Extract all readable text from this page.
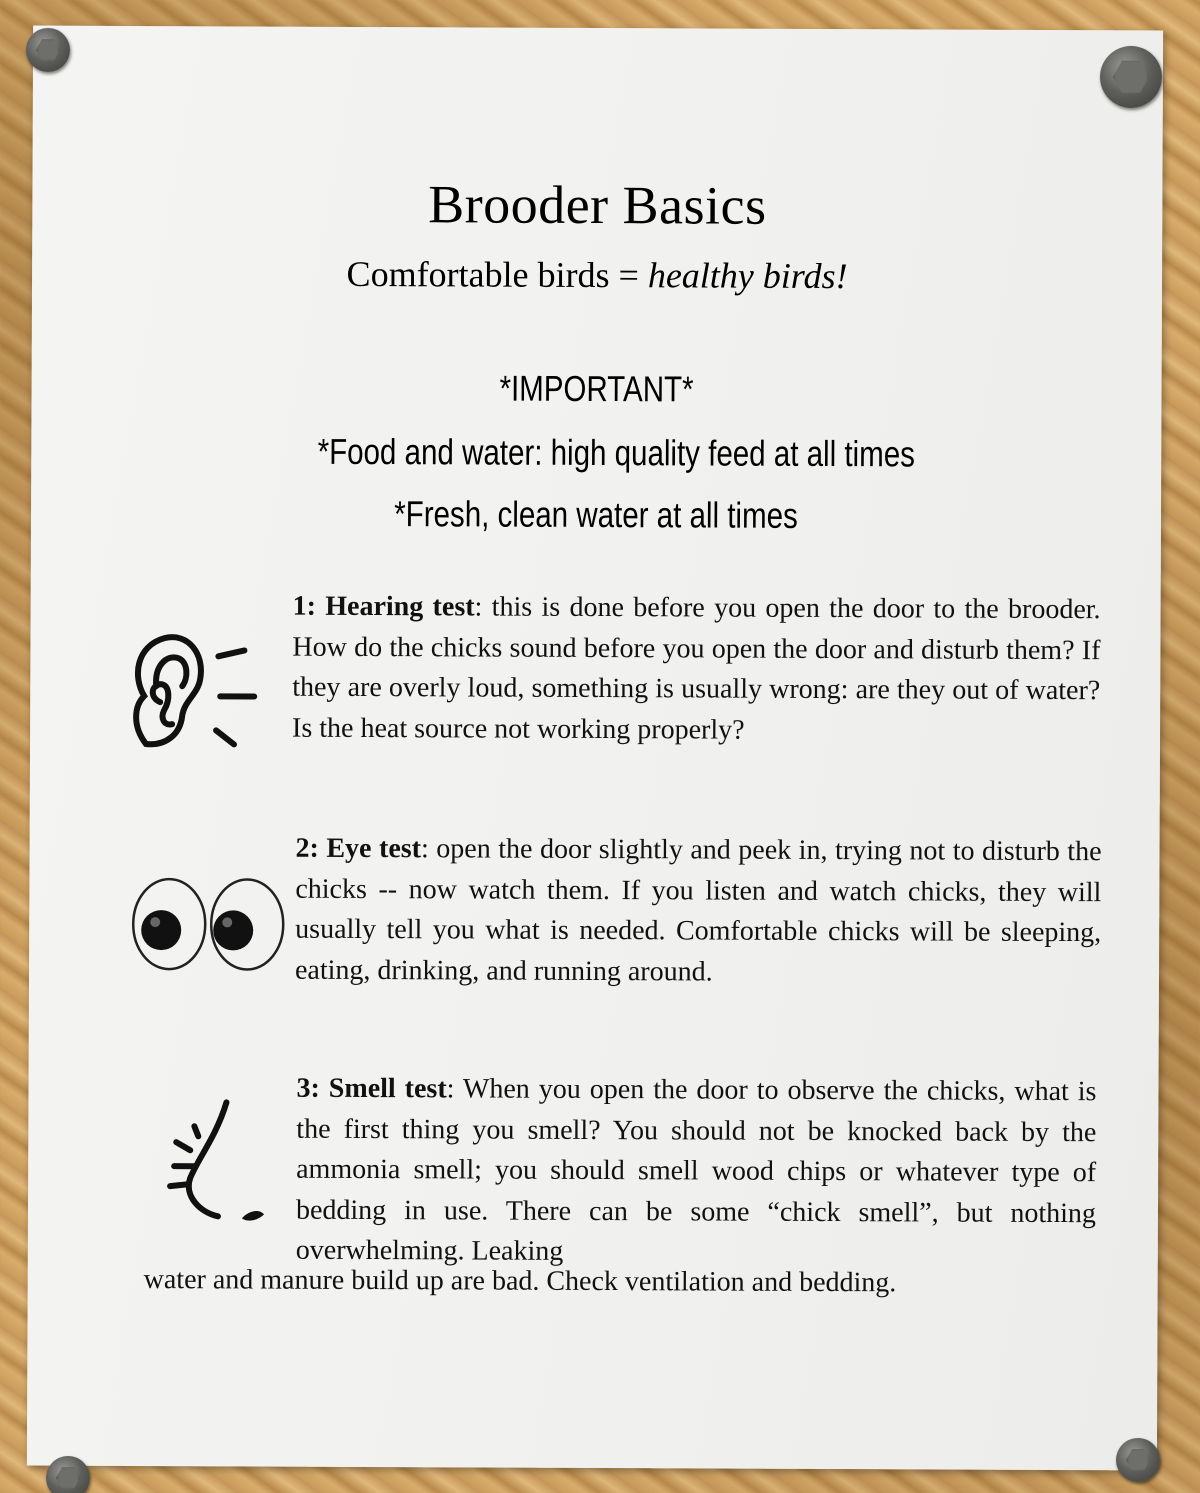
Brooder Basics
Comfortable birds = healthy birds!
*IMPORTANT*
*Food and water: high quality feed at all times
*Fresh, clean water at all times
1: Hearing test: this is done before you open the door to the brooder. How do the chicks sound before you open the door and disturb them? If they are overly loud, something is usually wrong: are they out of water? Is the heat source not working properly?
2: Eye test: open the door slightly and peek in, trying not to disturb the chicks -- now watch them. If you listen and watch chicks, they will usually tell you what is needed. Comfortable chicks will be sleeping, eating, drinking, and running around.
3: Smell test: When you open the door to observe the chicks, what is the first thing you smell? You should not be knocked back by the ammonia smell; you should smell wood chips or whatever type of bedding in use. There can be some “chick smell”, but nothing overwhelming. Leaking
water and manure build up are bad. Check ventilation and bedding.
